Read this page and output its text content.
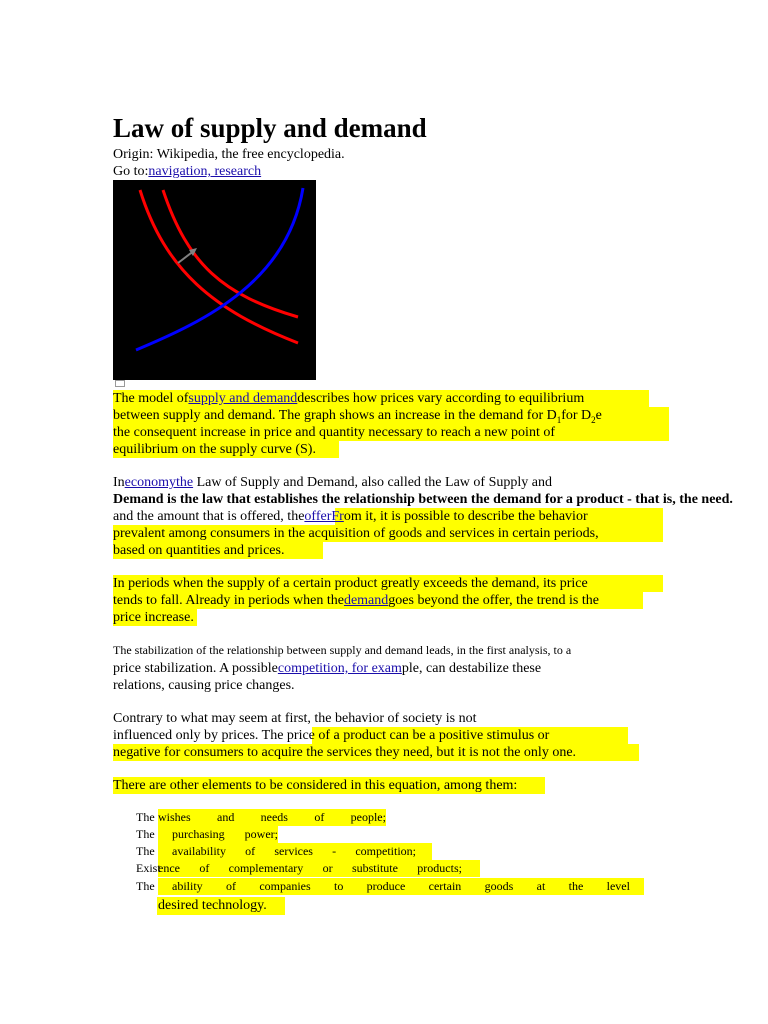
Law of supply and demand
Origin: Wikipedia, the free encyclopedia.
Go to:navigation, research
The model ofsupply and demanddescribes how prices vary according to equilibrium
between supply and demand. The graph shows an increase in the demand for $D_1for$ $D_2e$
the consequent increase in price and quantity necessary to reach a new point of
equilibrium on the supply curve (S).
Ineconomythe Law of Supply and Demand, also called the Law of Supply and
Demand is the law that establishes the relationship between the demand for a product - that is, the need.
and the amount that is offered, theofferFrom it, it is possible to describe the behavior
prevalent among consumers in the acquisition of goods and services in certain periods,
based on quantities and prices.
In periods when the supply of a certain product greatly exceeds the demand, its price
tends to fall. Already in periods when thedemandgoes beyond the offer, the trend is the
price increase.
The stabilization of the relationship between supply and demand leads, in the first analysis, to a
price stabilization. A possiblecompetition, for example, can destabilize these
relations, causing price changes.
Contrary to what may seem at first, the behavior of society is not
influenced only by prices. The price of a product can be a positive stimulus or
negative for consumers to acquire the services they need, but it is not the only one.
There are other elements to be considered in this equation, among them:
The wishes and needs of people;
The purchasing power;
The availability of services - competition;
Exist
ence of complementary or substitute products;
The ability of companies to produce certain goods at the level
desired technology.
